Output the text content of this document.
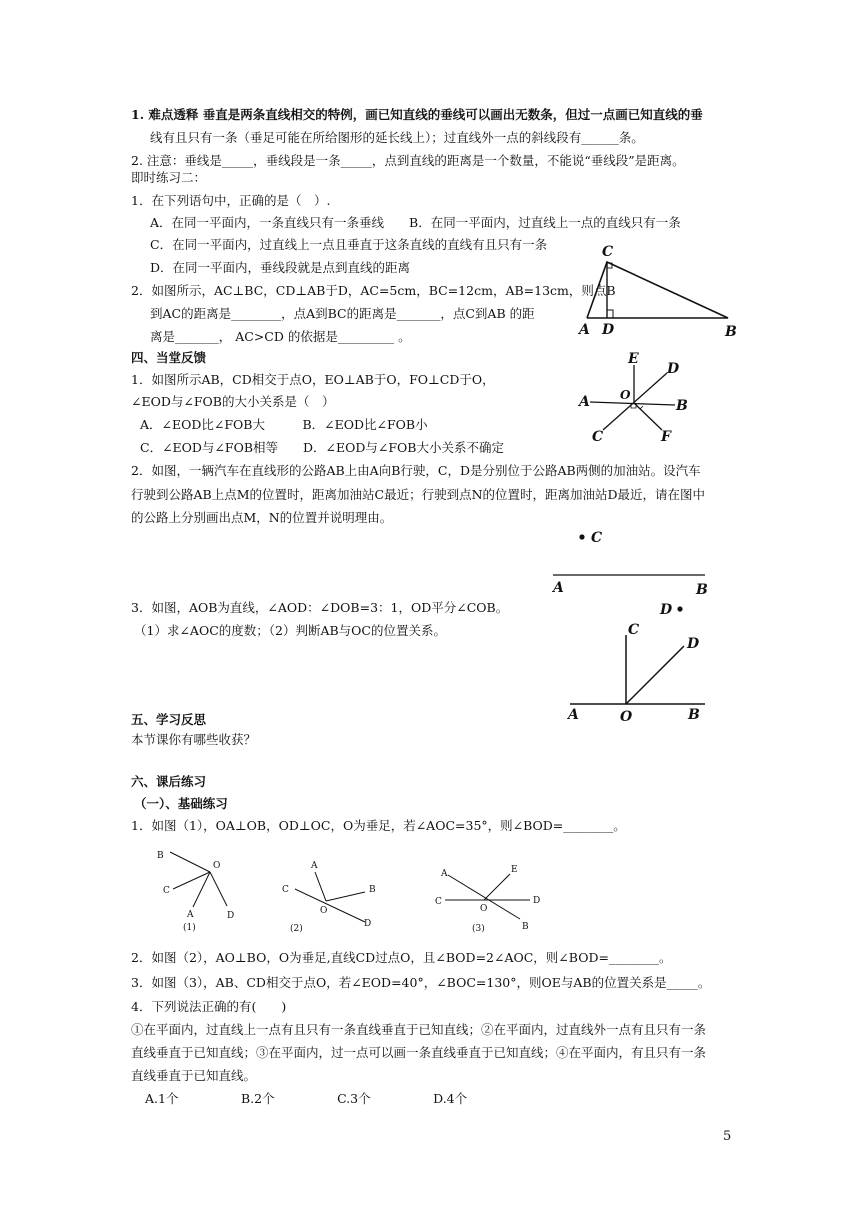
1. 难点透释 垂直是两条直线相交的特例，画已知直线的垂线可以画出无数条，但过一点画已知直线的垂
线有且只有一条（垂足可能在所给图形的延长线上）；过直线外一点的斜线段有______条。
2. 注意：垂线是_____，垂线段是一条_____，点到直线的距离是一个数量，不能说“垂线段”是距离。
即时练习二：
1．在下列语句中，正确的是（　）.
A．在同一平面内，一条直线只有一条垂线　　B．在同一平面内，过直线上一点的直线只有一条
C．在同一平面内，过直线上一点且垂直于这条直线的直线有且只有一条
D．在同一平面内，垂线段就是点到直线的距离
2．如图所示，AC⊥BC，CD⊥AB于D，AC=5cm，BC=12cm，AB=13cm，则点B
到AC的距离是________，点A到BC的距离是_______，点C到AB 的距
离是_______， AC>CD 的依据是_________ 。
四、当堂反馈
1．如图所示AB，CD相交于点O，EO⊥AB于O，FO⊥CD于O，
∠EOD与∠FOB的大小关系是（　）
A．∠EOD比∠FOB大　　　B．∠EOD比∠FOB小
C．∠EOD与∠FOB相等　　D．∠EOD与∠FOB大小关系不确定
2．如图，一辆汽车在直线形的公路AB上由A向B行驶，C，D是分别位于公路AB两侧的加油站。设汽车
行驶到公路AB上点M的位置时，距离加油站C最近；行驶到点N的位置时，距离加油站D最近，请在图中
的公路上分别画出点M，N的位置并说明理由。
3．如图，AOB为直线，∠AOD：∠DOB=3：1，OD平分∠COB。
（1）求∠AOC的度数；（2）判断AB与OC的位置关系。
五、学习反思
本节课你有哪些收获？
六、课后练习
（一）、基础练习
1．如图（1），OA⊥OB，OD⊥OC，O为垂足，若∠AOC=35°，则∠BOD=________。
2．如图（2），AO⊥BO，O为垂足,直线CD过点O，且∠BOD=2∠AOC，则∠BOD=________。
3．如图（3），AB、CD相交于点O，若∠EOD=40°，∠BOC=130°，则OE与AB的位置关系是_____。
4．下列说法正确的有(　　)
①在平面内，过直线上一点有且只有一条直线垂直于已知直线；②在平面内，过直线外一点有且只有一条
直线垂直于已知直线；③在平面内，过一点可以画一条直线垂直于已知直线；④在平面内，有且只有一条
直线垂直于已知直线。
A.1个　　　　　B.2个　　　　　C.3个　　　　　D.4个
C
A D	B
E
D
O
A	B
C	F
C
A	B
D
C
D
A	O	B
B
O
C
A	D
(1)
A
C	B
O
D
(2)
A	E
C
O
D
B
(3)
5
